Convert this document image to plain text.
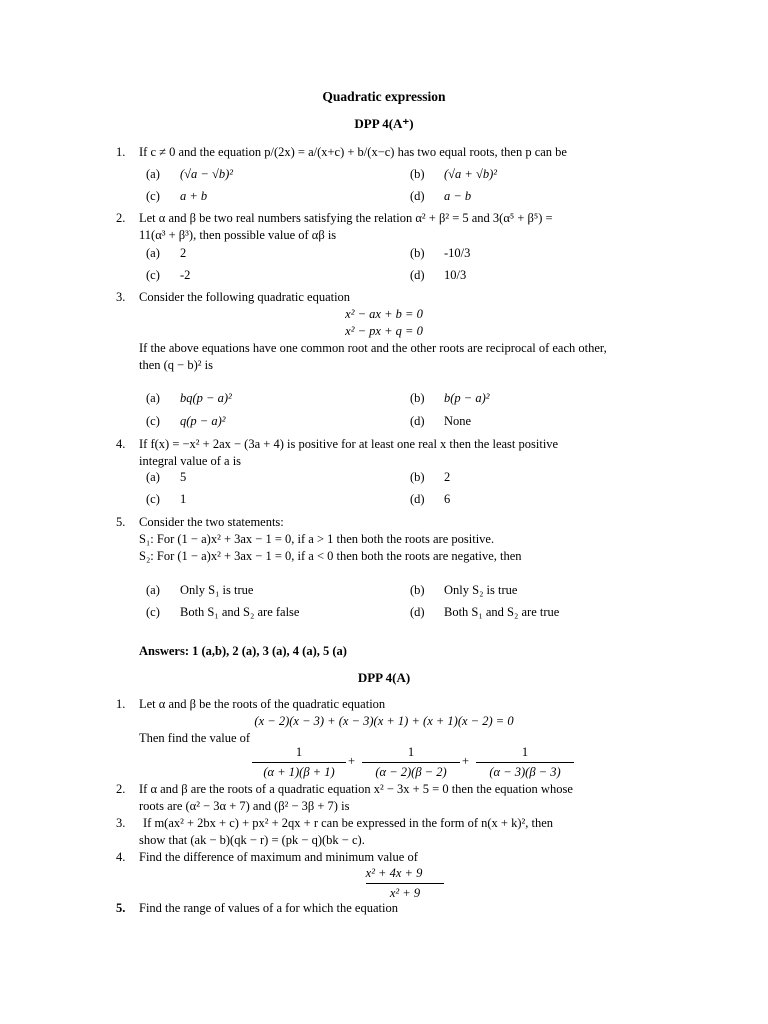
Quadratic expression
DPP 4(A⁺)
1. If c ≠ 0 and the equation p/(2x) = a/(x+c) + b/(x−c) has two equal roots, then p can be
(a) (√a − √b)²	(b) (√a + √b)²
(c) a + b	(d) a − b
2. Let α and β be two real numbers satisfying the relation α² + β² = 5 and 3(α⁵ + β⁵) =
11(α³ + β³), then possible value of αβ is
(a) 2	(b) -10/3
(c) -2	(d) 10/3
3. Consider the following quadratic equation
x² − ax + b = 0
x² − px + q = 0
If the above equations have one common root and the other roots are reciprocal of each other,
then (q − b)² is
(a) bq(p − a)²	(b) b(p − a)²
(c) q(p − a)²	(d) None
4. If f(x) = −x² + 2ax − (3a + 4) is positive for at least one real x then the least positive
integral value of a is
(a) 5	(b) 2
(c) 1	(d) 6
5. Consider the two statements:
S₁: For (1 − a)x² + 3ax − 1 = 0, if a > 1 then both the roots are positive.
S₂: For (1 − a)x² + 3ax − 1 = 0, if a < 0 then both the roots are negative, then
(a) Only S₁ is true	(b) Only S₂ is true
(c) Both S₁ and S₂ are false	(d) Both S₁ and S₂ are true
Answers: 1 (a,b), 2 (a), 3 (a), 4 (a), 5 (a)
DPP 4(A)
1. Let α and β be the roots of the quadratic equation
(x − 2)(x − 3) + (x − 3)(x + 1) + (x + 1)(x − 2) = 0
Then find the value of
1
(α + 1)(β + 1)
+
1
(α − 2)(β − 2)
+
1
(α − 3)(β − 3)
2. If α and β are the roots of a quadratic equation x² − 3x + 5 = 0 then the equation whose
roots are (α² − 3α + 7) and (β² − 3β + 7) is
3. If m(ax² + 2bx + c) + px² + 2qx + r can be expressed in the form of n(x + k)², then
show that (ak − b)(qk − r) = (pk − q)(bk − c).
4. Find the difference of maximum and minimum value of
x² + 4x + 9
x² + 9
5. Find the range of values of a for which the equation
